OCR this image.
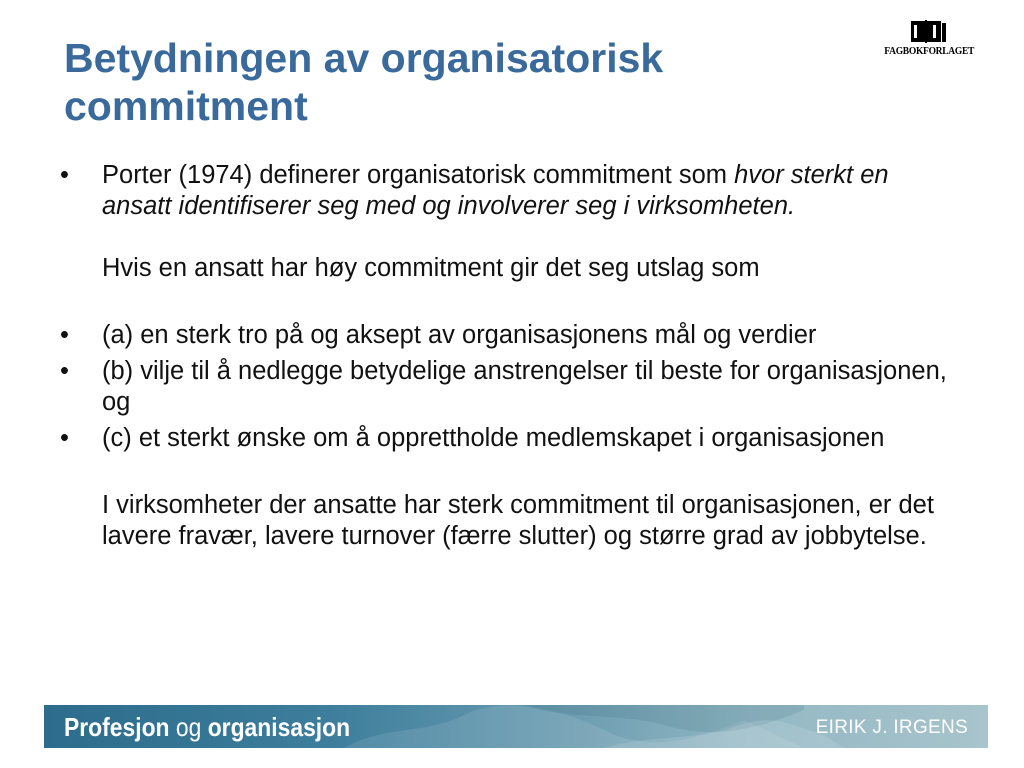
Betydningen av organisatorisk
commitment
FAGBOKFORLAGET
•	Porter (1974) definerer organisatorisk commitment som hvor sterkt en ansatt identifiserer seg med og involverer seg i virksomheten.
Hvis en ansatt har høy commitment gir det seg utslag som
•	(a) en sterk tro på og aksept av organisasjonens mål og verdier
•	(b) vilje til å nedlegge betydelige anstrengelser til beste for organisasjonen, og
•	(c) et sterkt ønske om å opprettholde medlemskapet i organisasjonen
I virksomheter der ansatte har sterk commitment til organisasjonen, er det lavere fravær, lavere turnover (færre slutter) og større grad av jobbytelse.
Profesjon og organisasjon	EIRIK J. IRGENS
